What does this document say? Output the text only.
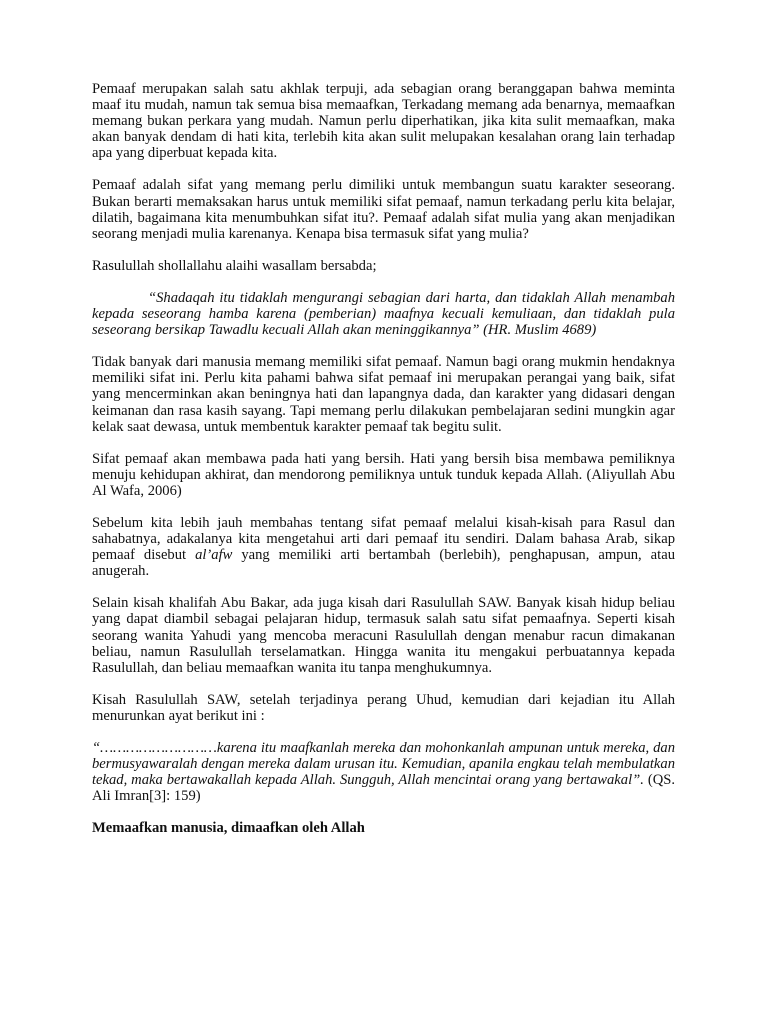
Pemaaf merupakan salah satu akhlak terpuji, ada sebagian orang beranggapan bahwa meminta maaf itu mudah, namun tak semua bisa memaafkan, Terkadang memang ada benarnya, memaafkan memang bukan perkara yang mudah. Namun perlu diperhatikan, jika kita sulit memaafkan, maka akan banyak dendam di hati kita, terlebih kita akan sulit melupakan kesalahan orang lain terhadap apa yang diperbuat kepada kita.

Pemaaf adalah sifat yang memang perlu dimiliki untuk membangun suatu karakter seseorang. Bukan berarti memaksakan harus untuk memiliki sifat pemaaf, namun terkadang perlu kita belajar, dilatih, bagaimana kita menumbuhkan sifat itu?. Pemaaf adalah sifat mulia yang akan menjadikan seorang menjadi mulia karenanya. Kenapa bisa termasuk sifat yang mulia?

Rasulullah shollallahu alaihi wasallam bersabda;

“Shadaqah itu tidaklah mengurangi sebagian dari harta, dan tidaklah Allah menambah kepada seseorang hamba karena (pemberian) maafnya kecuali kemuliaan, dan tidaklah pula seseorang bersikap Tawadlu kecuali Allah akan meninggikannya” (HR. Muslim 4689)

Tidak banyak dari manusia memang memiliki sifat pemaaf. Namun bagi orang mukmin hendaknya memiliki sifat ini. Perlu kita pahami bahwa sifat pemaaf ini merupakan perangai yang baik, sifat yang mencerminkan akan beningnya hati dan lapangnya dada, dan karakter yang didasari dengan keimanan dan rasa kasih sayang. Tapi memang perlu dilakukan pembelajaran sedini mungkin agar kelak saat dewasa, untuk membentuk karakter pemaaf tak begitu sulit.

Sifat pemaaf akan membawa pada hati yang bersih. Hati yang bersih bisa membawa pemiliknya menuju kehidupan akhirat, dan mendorong pemiliknya untuk tunduk kepada Allah. (Aliyullah Abu Al Wafa, 2006)

Sebelum kita lebih jauh membahas tentang sifat pemaaf melalui kisah-kisah para Rasul dan sahabatnya, adakalanya kita mengetahui arti dari pemaaf itu sendiri. Dalam bahasa Arab, sikap pemaaf disebut al’afw yang memiliki arti bertambah (berlebih), penghapusan, ampun, atau anugerah.

Selain kisah khalifah Abu Bakar, ada juga kisah dari Rasulullah SAW. Banyak kisah hidup beliau yang dapat diambil sebagai pelajaran hidup, termasuk salah satu sifat pemaafnya. Seperti kisah seorang wanita Yahudi yang mencoba meracuni Rasulullah dengan menabur racun dimakanan beliau, namun Rasulullah terselamatkan. Hingga wanita itu mengakui perbuatannya kepada Rasulullah, dan beliau memaafkan wanita itu tanpa menghukumnya.

Kisah Rasulullah SAW, setelah terjadinya perang Uhud, kemudian dari kejadian itu Allah menurunkan ayat berikut ini :

“………………………karena itu maafkanlah mereka dan mohonkanlah ampunan untuk mereka, dan bermusyawaralah dengan mereka dalam urusan itu. Kemudian, apanila engkau telah membulatkan tekad, maka bertawakallah kepada Allah. Sungguh, Allah mencintai orang yang bertawakal”. (QS. Ali Imran[3]: 159)

Memaafkan manusia, dimaafkan oleh Allah
